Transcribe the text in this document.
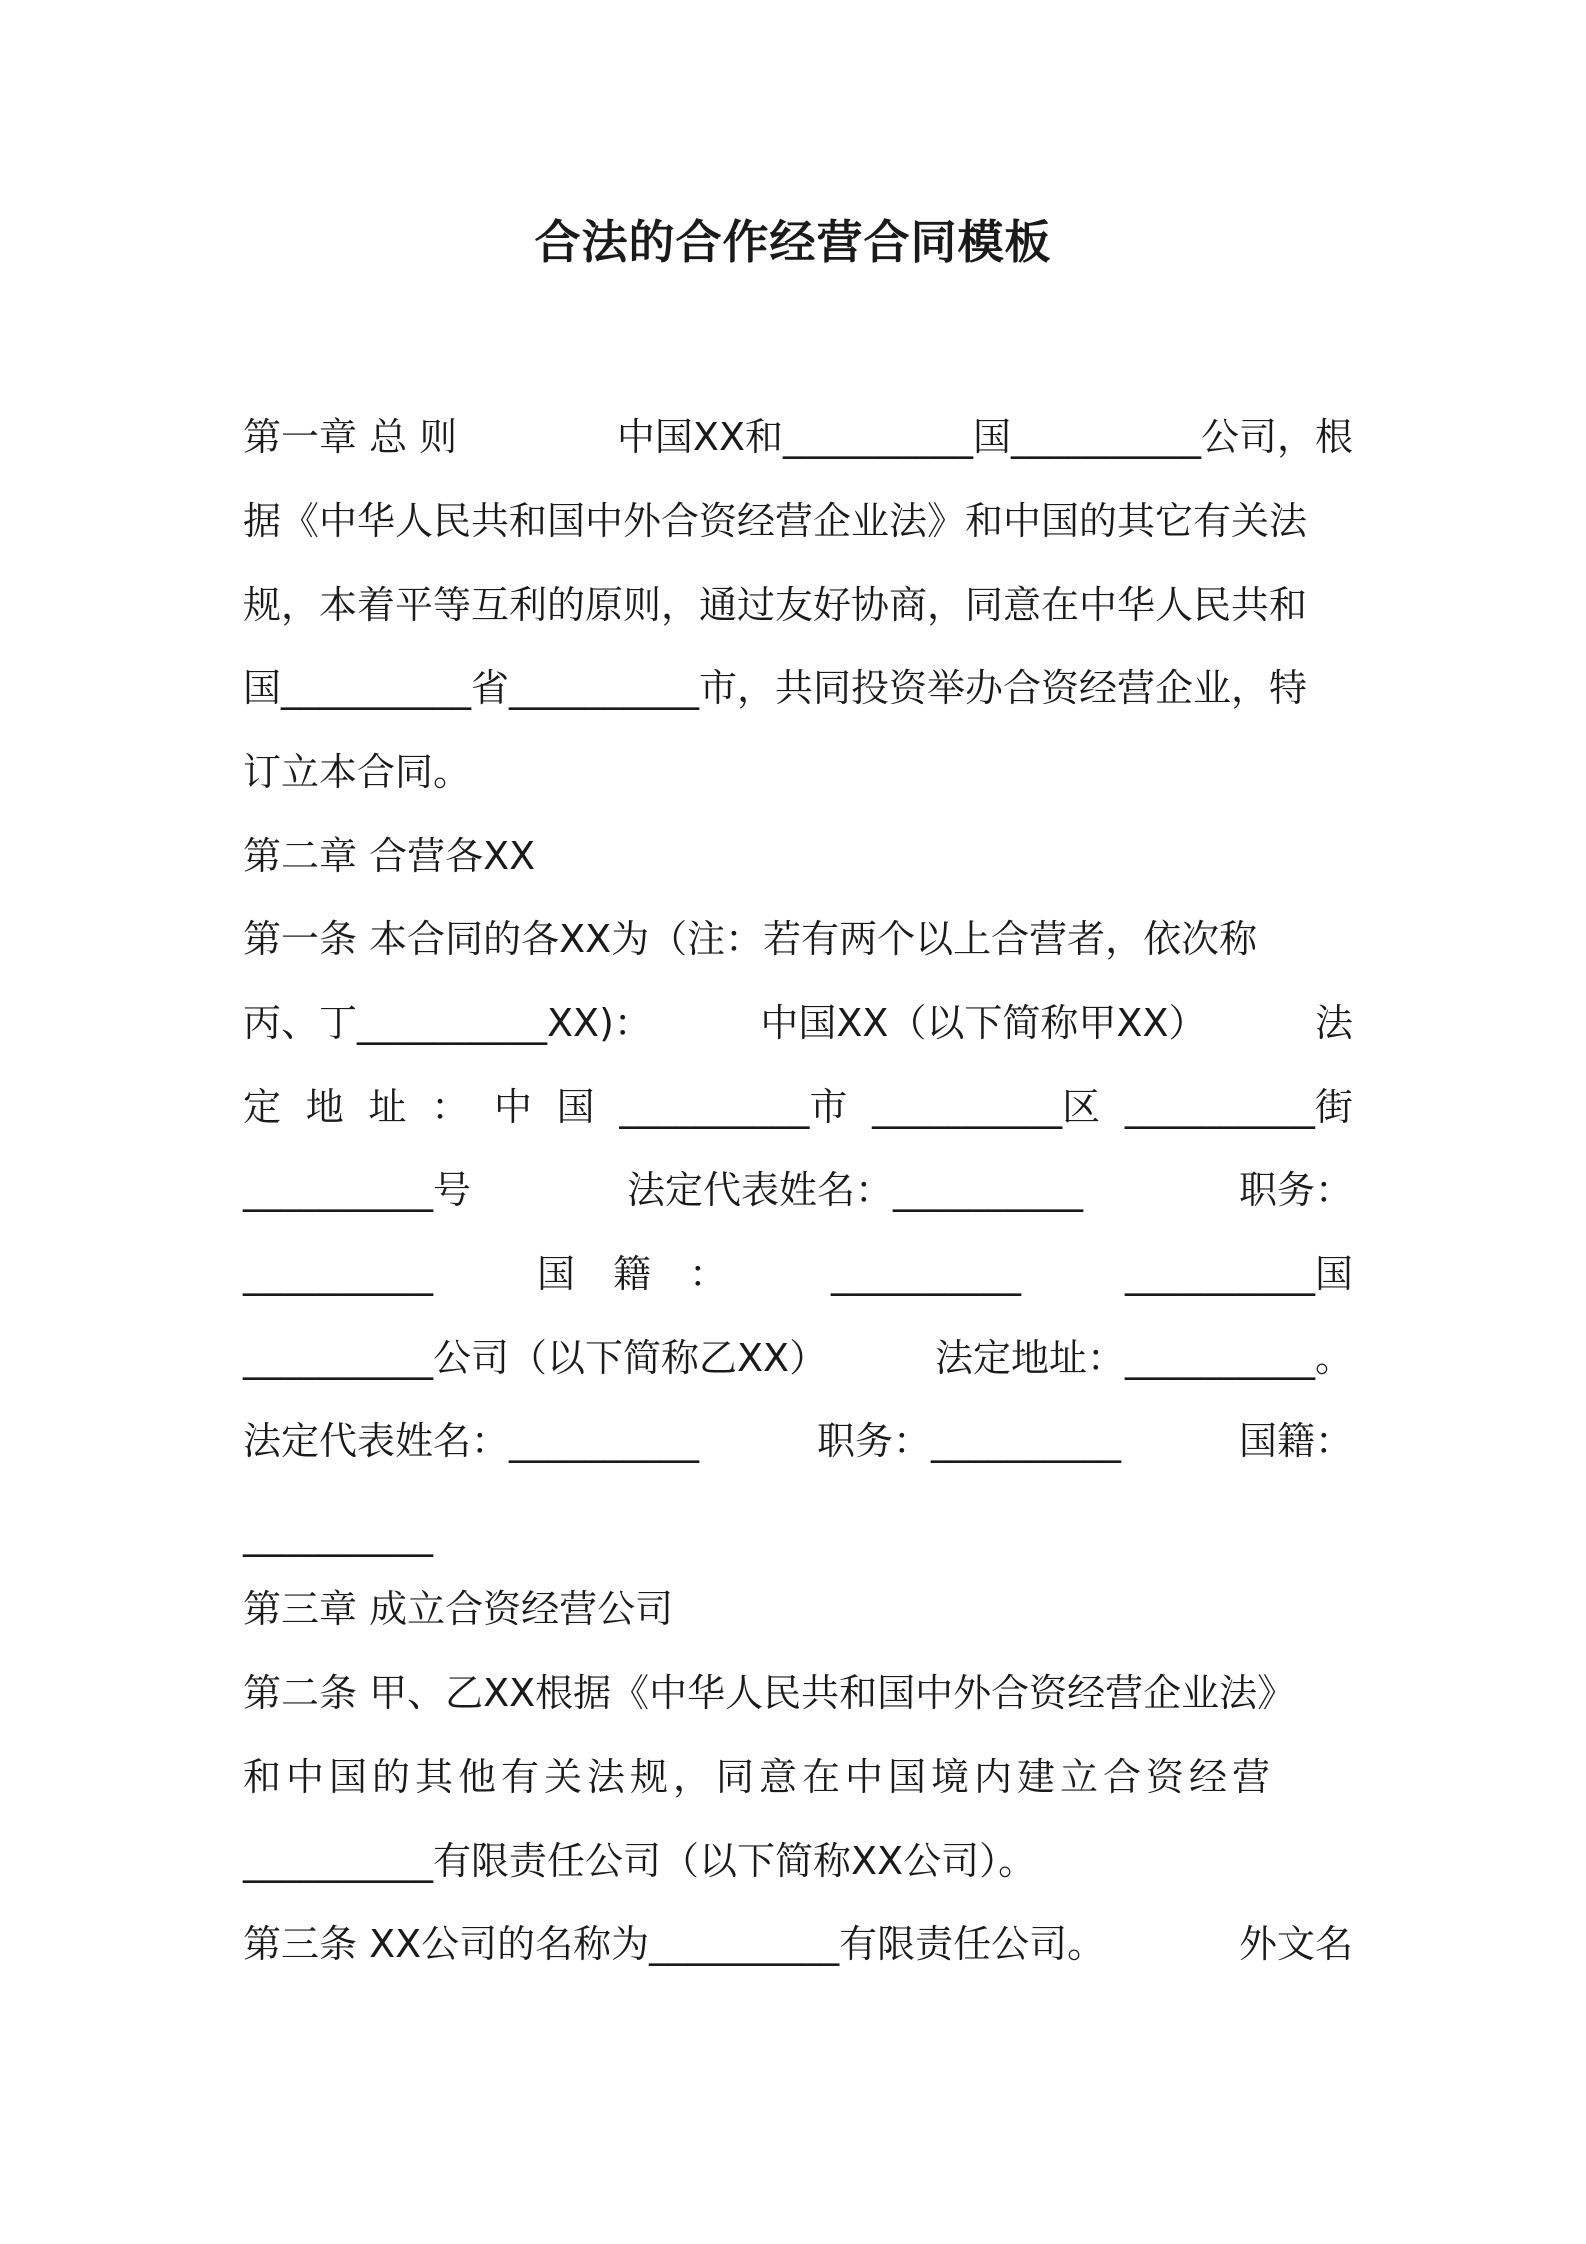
合法的合作经营合同模板
第一章 总 则	中国XX和__________国__________公司，根
据《中华人民共和国中外合资经营企业法》和中国的其它有关法
规，本着平等互利的原则，通过友好协商，同意在中华人民共和
国__________省__________市，共同投资举办合资经营企业，特
订立本合同。
第二章 合营各XX
第一条 本合同的各XX为（注：若有两个以上合营者，依次称
丙、丁__________XX)：	中国XX（以下简称甲XX）	法
定 地 址 ： 中 国 __________市 __________区 __________街
__________号	法定代表姓名：__________	职务：
__________	国　籍　：	__________	__________国
__________公司（以下简称乙XX）	法定地址：__________。
法定代表姓名：__________	职务：__________	国籍：
__________
第三章 成立合资经营公司
第二条 甲、乙XX根据《中华人民共和国中外合资经营企业法》
和中国的其他有关法规，同意在中国境内建立合资经营
__________有限责任公司（以下简称XX公司）。
第三条 XX公司的名称为__________有限责任公司。	外文名
